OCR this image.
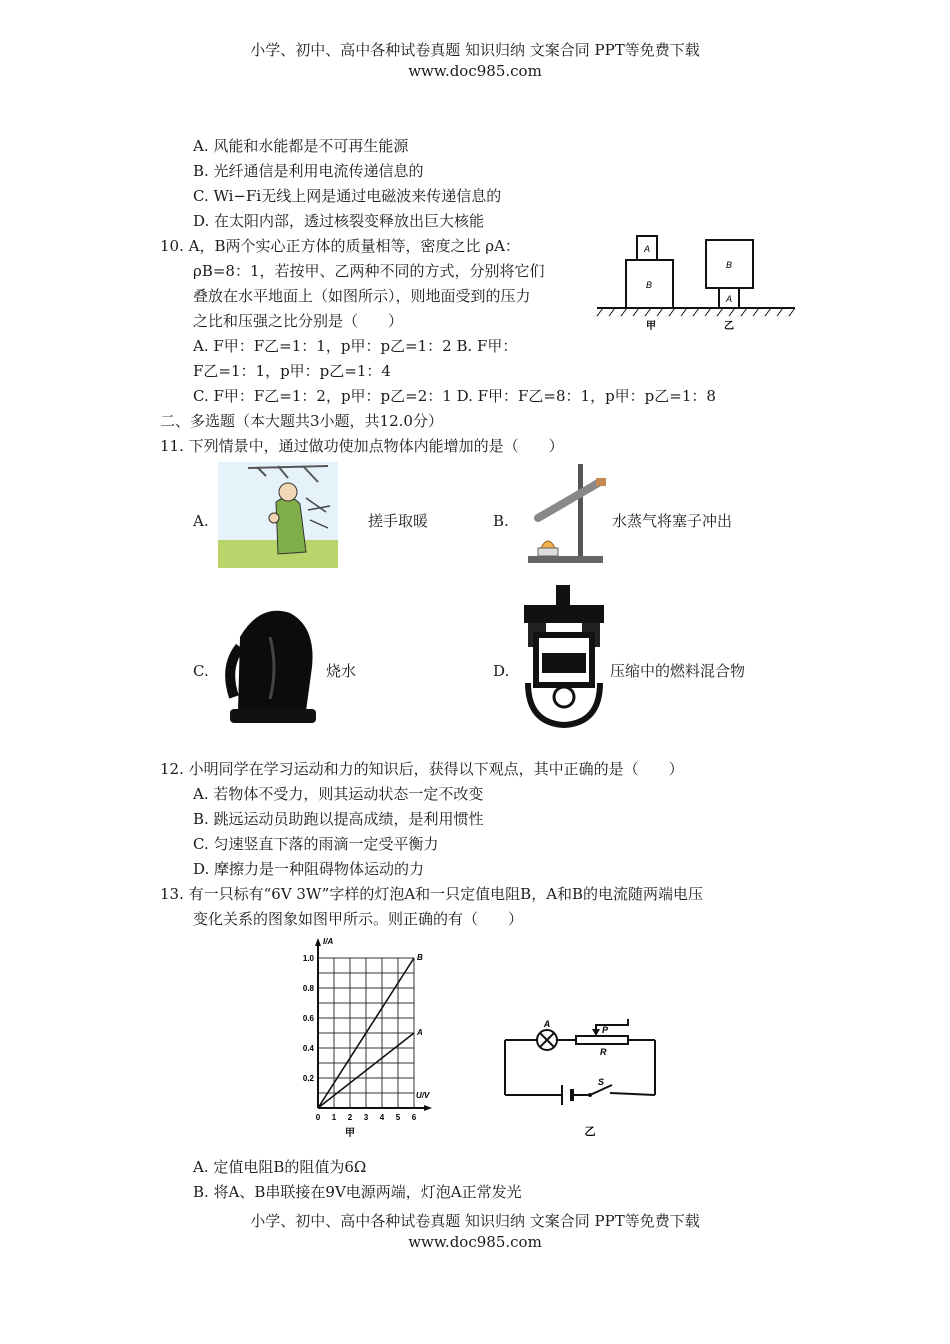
小学、初中、高中各种试卷真题 知识归纳 文案合同 PPT等免费下载
www.doc985.com
A. 风能和水能都是不可再生能源
B. 光纤通信是利用电流传递信息的
C. Wi−Fi无线上网是通过电磁波来传递信息的
D. 在太阳内部，透过核裂变释放出巨大核能
10. A，B两个实心正方体的质量相等，密度之比 ρA：
ρB=8：1，若按甲、乙两种不同的方式，分别将它们
叠放在水平地面上（如图所示），则地面受到的压力
之比和压强之比分别是（　　）
A. F甲：F乙=1：1，p甲：p乙=1：2 B. F甲：
F乙=1：1，p甲：p乙=1：4
C. F甲：F乙=1：2，p甲：p乙=2：1 D. F甲：F乙=8：1，p甲：p乙=1：8
A
B
B
A
甲	乙
二、多选题（本大题共3小题，共12.0分）
11. 下列情景中，通过做功使加点物体内能增加的是（　　）
A.	搓手取暖	B.	水蒸气将塞子冲出
C.	烧水	D.	压缩中的燃料混合物
12. 小明同学在学习运动和力的知识后，获得以下观点，其中正确的是（　　）
A. 若物体不受力，则其运动状态一定不改变
B. 跳远运动员助跑以提高成绩，是利用惯性
C. 匀速竖直下落的雨滴一定受平衡力
D. 摩擦力是一种阻碍物体运动的力
13. 有一只标有“6V 3W”字样的灯泡A和一只定值电阻B，A和B的电流随两端电压
变化关系的图象如图甲所示。则正确的有（　　）
B
A
0 1 2 3 4 5 6
0.2
0.4
0.6
0.8
1.0
I/A
U/V
甲
A
P
R
S
乙
A. 定值电阻B的阻值为6Ω
B. 将A、B串联接在9V电源两端，灯泡A正常发光
小学、初中、高中各种试卷真题 知识归纳 文案合同 PPT等免费下载
www.doc985.com
